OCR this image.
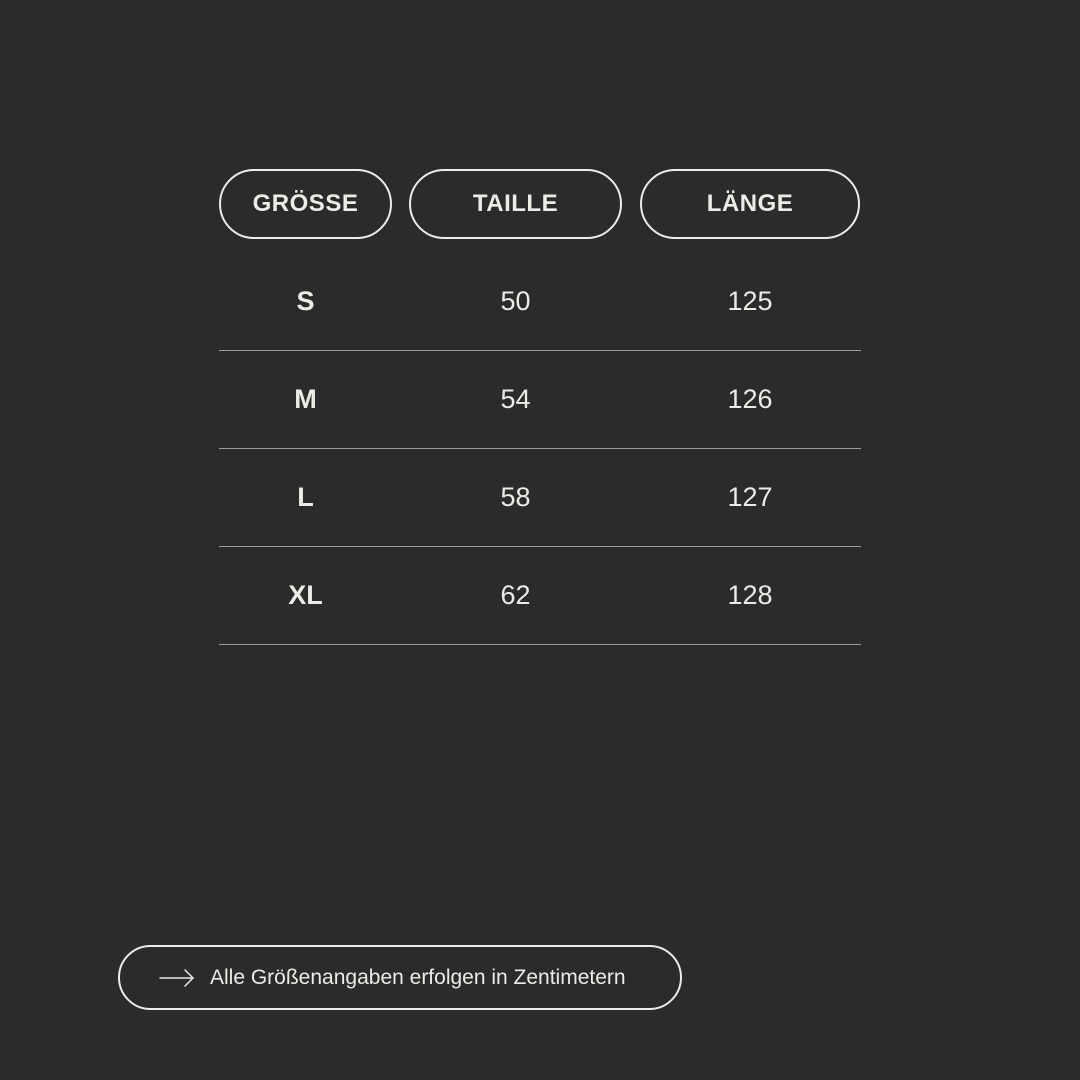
GRÖSSE	TAILLE	LÄNGE
S	50	125
M	54	126
L	58	127
XL	62	128
Alle Größenangaben erfolgen in Zentimetern
